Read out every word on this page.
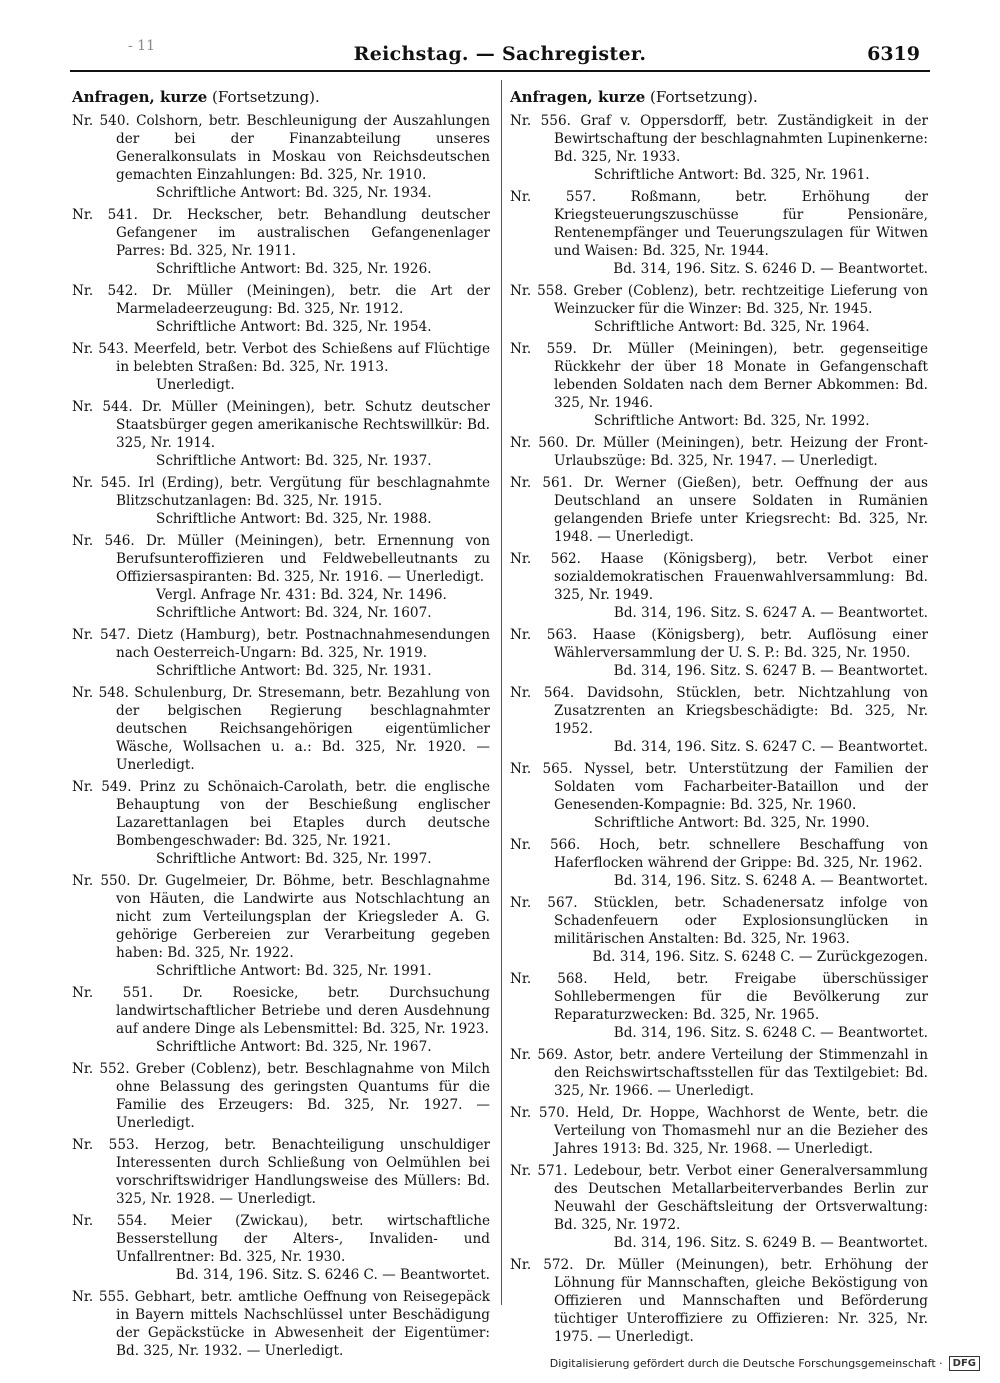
- 11	Reichstag. — Sachregister.	6319
Anfragen, kurze (Fortsetzung).
Nr. 540. Colshorn, betr. Beschleunigung der Auszahlungen der bei der Finanzabteilung unseres Generalkonsulats in Moskau von Reichsdeutschen gemachten Einzahlungen: Bd. 325, Nr. 1910.
Schriftliche Antwort: Bd. 325, Nr. 1934.
Nr. 541. Dr. Heckscher, betr. Behandlung deutscher Gefangener im australischen Gefangenenlager Parres: Bd. 325, Nr. 1911.
Schriftliche Antwort: Bd. 325, Nr. 1926.
Nr. 542. Dr. Müller (Meiningen), betr. die Art der Marmeladeerzeugung: Bd. 325, Nr. 1912.
Schriftliche Antwort: Bd. 325, Nr. 1954.
Nr. 543. Meerfeld, betr. Verbot des Schießens auf Flüchtige in belebten Straßen: Bd. 325, Nr. 1913.
Unerledigt.
Nr. 544. Dr. Müller (Meiningen), betr. Schutz deutscher Staatsbürger gegen amerikanische Rechtswillkür: Bd. 325, Nr. 1914.
Schriftliche Antwort: Bd. 325, Nr. 1937.
Nr. 545. Irl (Erding), betr. Vergütung für beschlagnahmte Blitzschutzanlagen: Bd. 325, Nr. 1915.
Schriftliche Antwort: Bd. 325, Nr. 1988.
Nr. 546. Dr. Müller (Meiningen), betr. Ernennung von Berufsunteroffizieren und Feldwebelleutnants zu Offiziersaspiranten: Bd. 325, Nr. 1916. — Unerledigt.
Vergl. Anfrage Nr. 431: Bd. 324, Nr. 1496.
Schriftliche Antwort: Bd. 324, Nr. 1607.
Nr. 547. Dietz (Hamburg), betr. Postnachnahmesendungen nach Oesterreich-Ungarn: Bd. 325, Nr. 1919.
Schriftliche Antwort: Bd. 325, Nr. 1931.
Nr. 548. Schulenburg, Dr. Stresemann, betr. Bezahlung von der belgischen Regierung beschlagnahmter deutschen Reichsangehörigen eigentümlicher Wäsche, Wollsachen u. a.: Bd. 325, Nr. 1920. — Unerledigt.
Nr. 549. Prinz zu Schönaich-Carolath, betr. die englische Behauptung von der Beschießung englischer Lazarettanlagen bei Etaples durch deutsche Bombengeschwader: Bd. 325, Nr. 1921.
Schriftliche Antwort: Bd. 325, Nr. 1997.
Nr. 550. Dr. Gugelmeier, Dr. Böhme, betr. Beschlagnahme von Häuten, die Landwirte aus Notschlachtung an nicht zum Verteilungsplan der Kriegsleder A. G. gehörige Gerbereien zur Verarbeitung gegeben haben: Bd. 325, Nr. 1922.
Schriftliche Antwort: Bd. 325, Nr. 1991.
Nr. 551. Dr. Roesicke, betr. Durchsuchung landwirtschaftlicher Betriebe und deren Ausdehnung auf andere Dinge als Lebensmittel: Bd. 325, Nr. 1923.
Schriftliche Antwort: Bd. 325, Nr. 1967.
Nr. 552. Greber (Coblenz), betr. Beschlagnahme von Milch ohne Belassung des geringsten Quantums für die Familie des Erzeugers: Bd. 325, Nr. 1927. — Unerledigt.
Nr. 553. Herzog, betr. Benachteiligung unschuldiger Interessenten durch Schließung von Oelmühlen bei vorschriftswidriger Handlungsweise des Müllers: Bd. 325, Nr. 1928. — Unerledigt.
Nr. 554. Meier (Zwickau), betr. wirtschaftliche Besserstellung der Alters-, Invaliden- und Unfallrentner: Bd. 325, Nr. 1930.
Bd. 314, 196. Sitz. S. 6246 C. — Beantwortet.
Nr. 555. Gebhart, betr. amtliche Oeffnung von Reisegepäck in Bayern mittels Nachschlüssel unter Beschädigung der Gepäckstücke in Abwesenheit der Eigentümer: Bd. 325, Nr. 1932. — Unerledigt.
Anfragen, kurze (Fortsetzung).
Nr. 556. Graf v. Oppersdorff, betr. Zuständigkeit in der Bewirtschaftung der beschlagnahmten Lupinenkerne: Bd. 325, Nr. 1933.
Schriftliche Antwort: Bd. 325, Nr. 1961.
Nr. 557. Roßmann, betr. Erhöhung der Kriegsteuerungszuschüsse für Pensionäre, Rentenempfänger und Teuerungszulagen für Witwen und Waisen: Bd. 325, Nr. 1944.
Bd. 314, 196. Sitz. S. 6246 D. — Beantwortet.
Nr. 558. Greber (Coblenz), betr. rechtzeitige Lieferung von Weinzucker für die Winzer: Bd. 325, Nr. 1945.
Schriftliche Antwort: Bd. 325, Nr. 1964.
Nr. 559. Dr. Müller (Meiningen), betr. gegenseitige Rückkehr der über 18 Monate in Gefangenschaft lebenden Soldaten nach dem Berner Abkommen: Bd. 325, Nr. 1946.
Schriftliche Antwort: Bd. 325, Nr. 1992.
Nr. 560. Dr. Müller (Meiningen), betr. Heizung der Front-Urlaubszüge: Bd. 325, Nr. 1947. — Unerledigt.
Nr. 561. Dr. Werner (Gießen), betr. Oeffnung der aus Deutschland an unsere Soldaten in Rumänien gelangenden Briefe unter Kriegsrecht: Bd. 325, Nr. 1948. — Unerledigt.
Nr. 562. Haase (Königsberg), betr. Verbot einer sozialdemokratischen Frauenwahlversammlung: Bd. 325, Nr. 1949.
Bd. 314, 196. Sitz. S. 6247 A. — Beantwortet.
Nr. 563. Haase (Königsberg), betr. Auflösung einer Wählerversammlung der U. S. P.: Bd. 325, Nr. 1950.
Bd. 314, 196. Sitz. S. 6247 B. — Beantwortet.
Nr. 564. Davidsohn, Stücklen, betr. Nichtzahlung von Zusatzrenten an Kriegsbeschädigte: Bd. 325, Nr. 1952.
Bd. 314, 196. Sitz. S. 6247 C. — Beantwortet.
Nr. 565. Nyssel, betr. Unterstützung der Familien der Soldaten vom Facharbeiter-Bataillon und der Genesenden-Kompagnie: Bd. 325, Nr. 1960.
Schriftliche Antwort: Bd. 325, Nr. 1990.
Nr. 566. Hoch, betr. schnellere Beschaffung von Haferflocken während der Grippe: Bd. 325, Nr. 1962.
Bd. 314, 196. Sitz. S. 6248 A. — Beantwortet.
Nr. 567. Stücklen, betr. Schadenersatz infolge von Schadenfeuern oder Explosionsunglücken in militärischen Anstalten: Bd. 325, Nr. 1963.
Bd. 314, 196. Sitz. S. 6248 C. — Zurückgezogen.
Nr. 568. Held, betr. Freigabe überschüssiger Sohllebermengen für die Bevölkerung zur Reparaturzwecken: Bd. 325, Nr. 1965.
Bd. 314, 196. Sitz. S. 6248 C. — Beantwortet.
Nr. 569. Astor, betr. andere Verteilung der Stimmenzahl in den Reichswirtschaftsstellen für das Textilgebiet: Bd. 325, Nr. 1966. — Unerledigt.
Nr. 570. Held, Dr. Hoppe, Wachhorst de Wente, betr. die Verteilung von Thomasmehl nur an die Bezieher des Jahres 1913: Bd. 325, Nr. 1968. — Unerledigt.
Nr. 571. Ledebour, betr. Verbot einer Generalversammlung des Deutschen Metallarbeiterverbandes Berlin zur Neuwahl der Geschäftsleitung der Ortsverwaltung: Bd. 325, Nr. 1972.
Bd. 314, 196. Sitz. S. 6249 B. — Beantwortet.
Nr. 572. Dr. Müller (Meinungen), betr. Erhöhung der Löhnung für Mannschaften, gleiche Beköstigung von Offizieren und Mannschaften und Beförderung tüchtiger Unteroffiziere zu Offizieren: Nr. 325, Nr. 1975. — Unerledigt.
Digitalisierung gefördert durch die Deutsche Forschungsgemeinschaft ·	DFG
